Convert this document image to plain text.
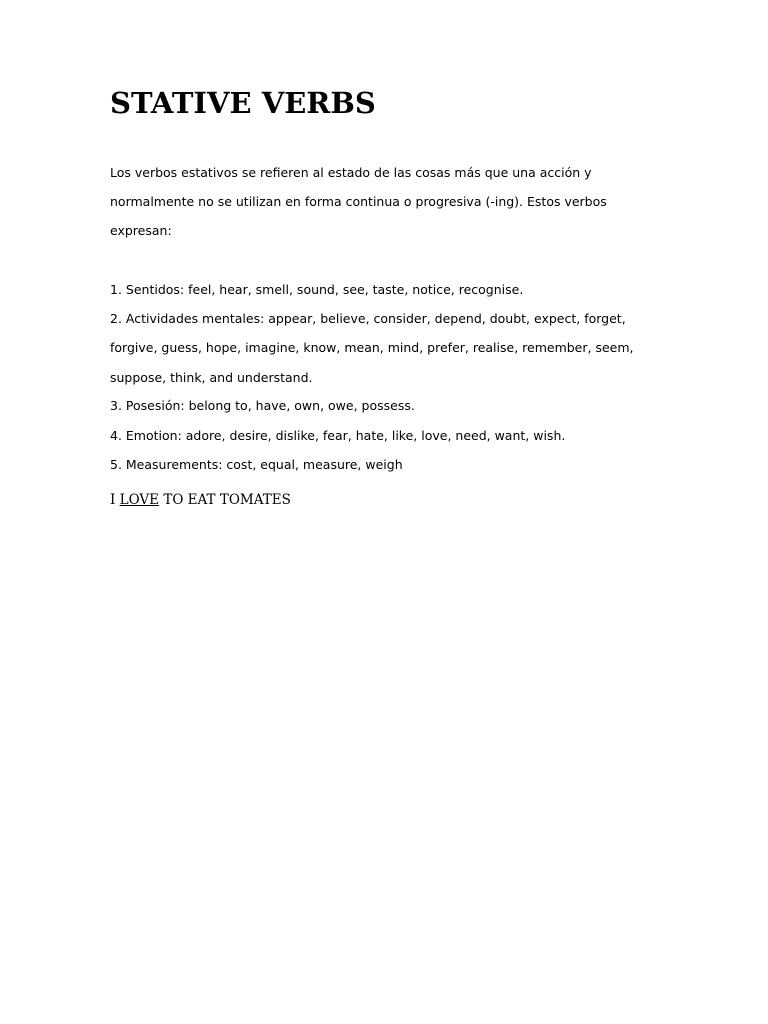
STATIVE VERBS

Los verbos estativos se refieren al estado de las cosas más que una acción y

normalmente no se utilizan en forma continua o progresiva (-ing). Estos verbos

expresan:

1. Sentidos: feel, hear, smell, sound, see, taste, notice, recognise.

2. Actividades mentales: appear, believe, consider, depend, doubt, expect, forget,

forgive, guess, hope, imagine, know, mean, mind, prefer, realise, remember, seem,

suppose, think, and understand.

3. Posesión: belong to, have, own, owe, possess.

4. Emotion: adore, desire, dislike, fear, hate, like, love, need, want, wish.

5. Measurements: cost, equal, measure, weigh

I LOVE TO EAT TOMATES
